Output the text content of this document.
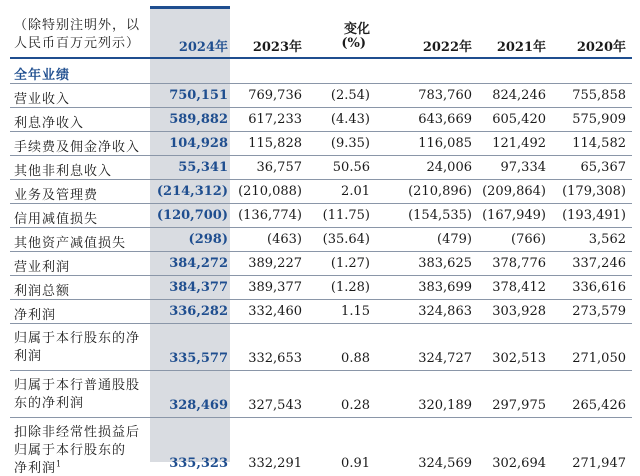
（除特别注明外，以
人民币百万元列示）	2024年 2023年
变化
(%)	2022年 2021年 2020年
全年业绩
营业收入	750,151 769,736 (2.54)	783,760 824,246 755,858
利息净收入	589,882 617,233 (4.43)	643,669 605,420 575,909
手续费及佣金净收入 104,928 115,828 (9.35)	116,085 121,492 114,582
其他非利息收入	55,341 36,757 50.56	24,006 97,334	65,367
业务及管理费	(214,312) (210,088)	2.01	(210,896) (209,864) (179,308)
信用减值损失	(120,700) (136,774) (11.75)	(154,535) (167,949) (193,491)
其他资产减值损失	(298)	(463) (35.64)	(479)	(766)	3,562
营业利润	384,272 389,227 (1.27)	383,625 378,776 337,246
利润总额	384,377 389,377 (1.28)	383,699 378,412 336,616
净利润	336,282 332,460	1.15	324,863 303,928 273,579
归属于本行股东的净
利润	335,577 332,653	0.88	324,727 302,513 271,050
归属于本行普通股股
东的净利润	328,469 327,543	0.28	320,189 297,975 265,426
扣除非经常性损益后
归属于本行股东的
净利润$^1$	335,323 332,291	0.91	324,569 302,694 271,947
